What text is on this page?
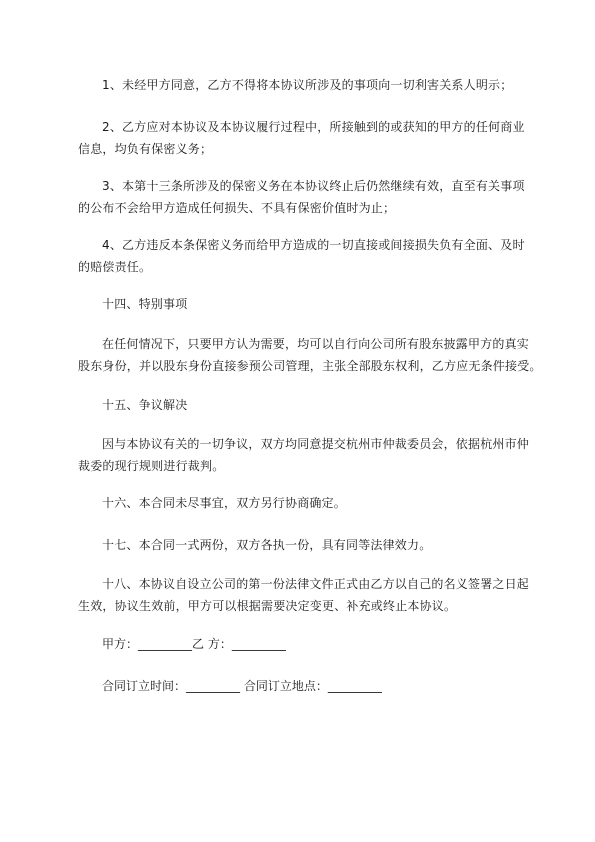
1、未经甲方同意，乙方不得将本协议所涉及的事项向一切利害关系人明示；
2、乙方应对本协议及本协议履行过程中，所接触到的或获知的甲方的任何商业
信息，均负有保密义务；
3、本第十三条所涉及的保密义务在本协议终止后仍然继续有效，直至有关事项
的公布不会给甲方造成任何损失、不具有保密价值时为止；
4、乙方违反本条保密义务而给甲方造成的一切直接或间接损失负有全面、及时
的赔偿责任。
十四、特别事项
在任何情况下，只要甲方认为需要，均可以自行向公司所有股东披露甲方的真实
股东身份，并以股东身份直接参预公司管理，主张全部股东权利，乙方应无条件接受。
十五、争议解决
因与本协议有关的一切争议，双方均同意提交杭州市仲裁委员会，依据杭州市仲
裁委的现行规则进行裁判。
十六、本合同未尽事宜，双方另行协商确定。
十七、本合同一式两份，双方各执一份，具有同等法律效力。
十八、本协议自设立公司的第一份法律文件正式由乙方以自己的名义签署之日起
生效，协议生效前，甲方可以根据需要决定变更、补充或终止本协议。
甲方：_________乙 方：_________
合同订立时间：_________ 合同订立地点：_________
